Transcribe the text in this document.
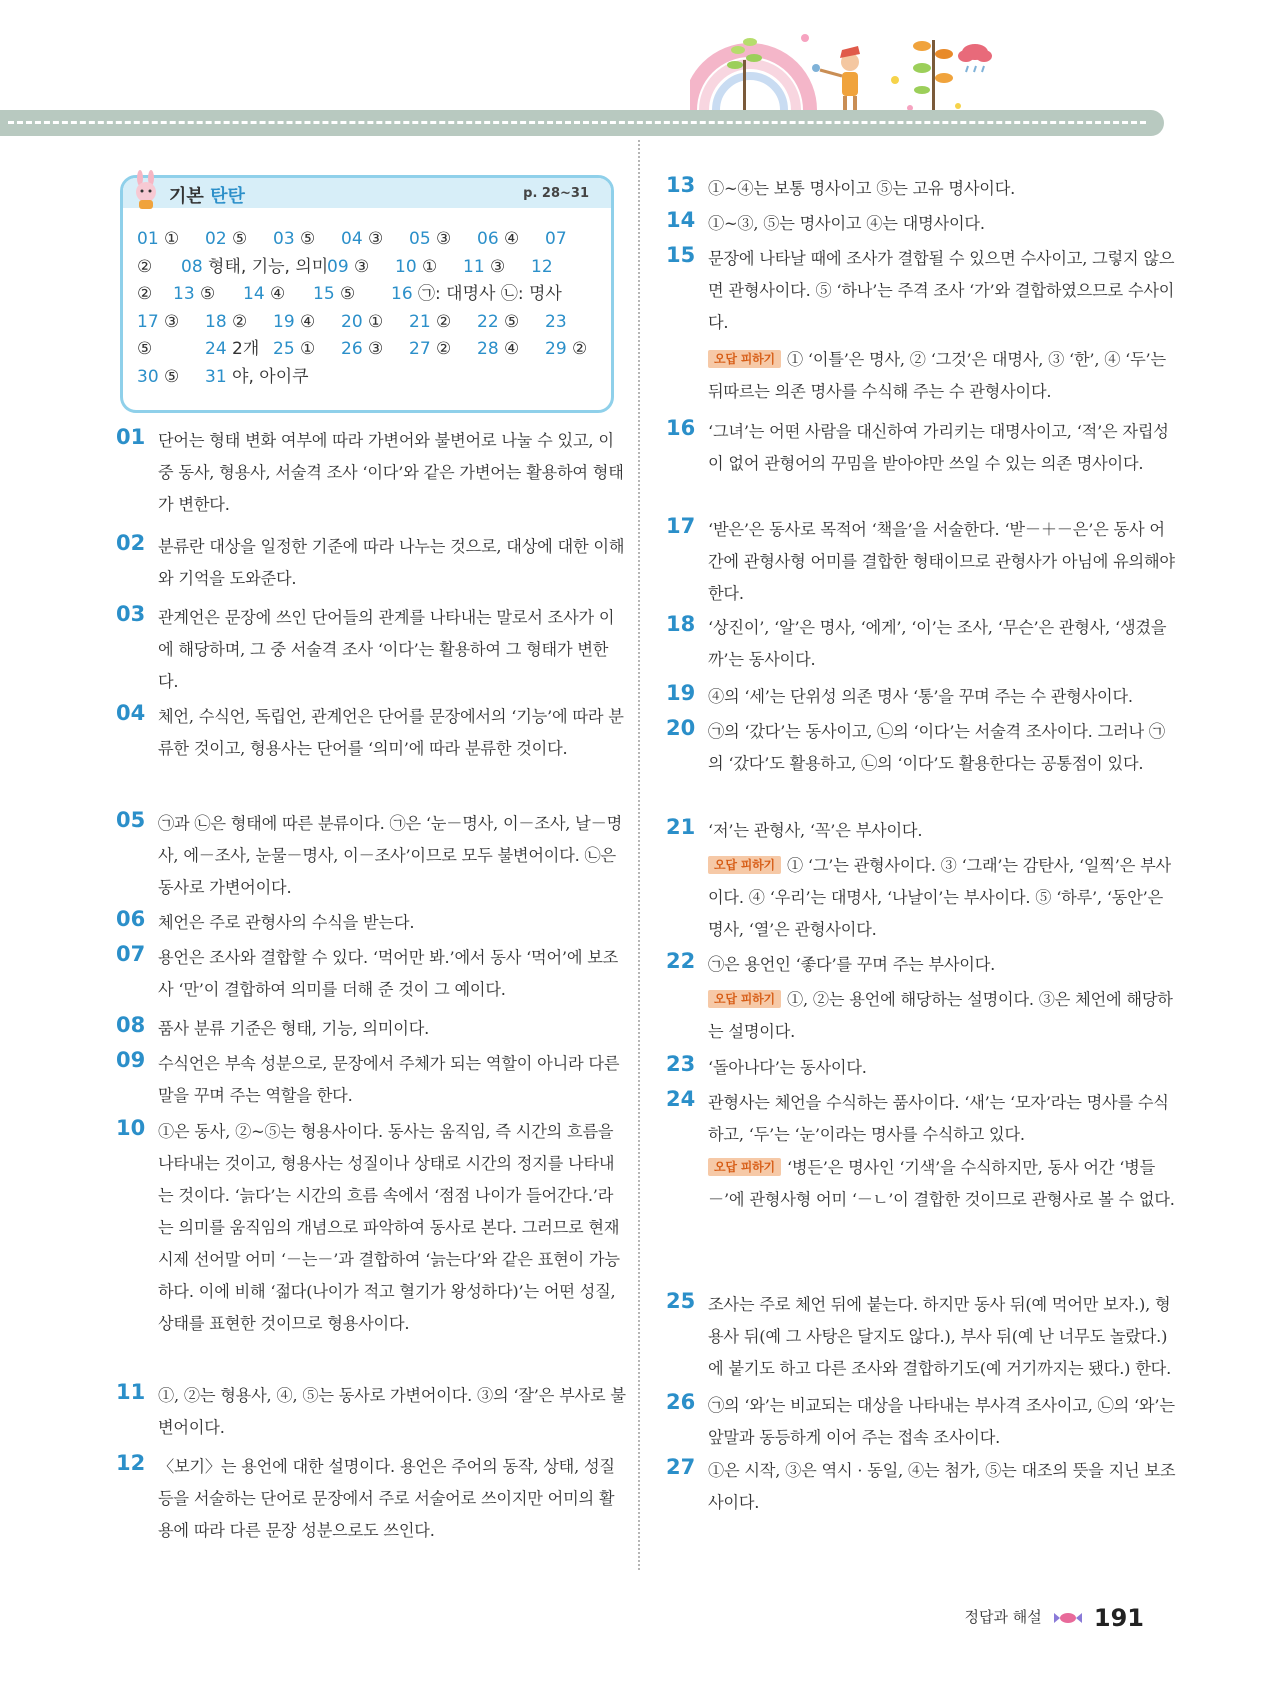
기본 탄탄	p. 28~31
01 ① 02 ⑤ 03 ⑤ 04 ③ 05 ③ 06 ④ 07
② 08 형태, 기능, 의미
09 ③ 10 ① 11 ③ 12
② 13 ⑤ 14 ④ 15 ⑤ 16 ㉠: 대명사 ㉡: 명사
17 ③ 18 ② 19 ④ 20 ① 21 ② 22 ⑤ 23
⑤	24 2개 25 ① 26 ③ 27 ② 28 ④ 29 ②
30 ⑤ 31 야, 아이쿠
01 단어는 형태 변화 여부에 따라 가변어와 불변어로 나눌 수 있고, 이 중 동사, 형용사, 서술격 조사 ‘이다’와 같은 가변어는 활용하여 형태가 변한다.
02 분류란 대상을 일정한 기준에 따라 나누는 것으로, 대상에 대한 이해와 기억을 도와준다.
03 관계언은 문장에 쓰인 단어들의 관계를 나타내는 말로서 조사가 이에 해당하며, 그 중 서술격 조사 ‘이다’는 활용하여 그 형태가 변한다.
04 체언, 수식언, 독립언, 관계언은 단어를 문장에서의 ‘기능’에 따라 분류한 것이고, 형용사는 단어를 ‘의미’에 따라 분류한 것이다.
05 ㉠과 ㉡은 형태에 따른 분류이다. ㉠은 ‘눈－명사, 이－조사, 날－명사, 에－조사, 눈물－명사, 이－조사’이므로 모두 불변어이다. ㉡은 동사로 가변어이다.
06 체언은 주로 관형사의 수식을 받는다.
07 용언은 조사와 결합할 수 있다. ‘먹어만 봐.’에서 동사 ‘먹어’에 보조사 ‘만’이 결합하여 의미를 더해 준 것이 그 예이다.
08 품사 분류 기준은 형태, 기능, 의미이다.
09 수식언은 부속 성분으로, 문장에서 주체가 되는 역할이 아니라 다른 말을 꾸며 주는 역할을 한다.
10 ①은 동사, ②~⑤는 형용사이다. 동사는 움직임, 즉 시간의 흐름을 나타내는 것이고, 형용사는 성질이나 상태로 시간의 정지를 나타내는 것이다. ‘늙다’는 시간의 흐름 속에서 ‘점점 나이가 들어간다.’라는 의미를 움직임의 개념으로 파악하여 동사로 본다. 그러므로 현재 시제 선어말 어미 ‘－는－’과 결합하여 ‘늙는다’와 같은 표현이 가능하다. 이에 비해 ‘젊다(나이가 적고 혈기가 왕성하다)’는 어떤 성질, 상태를 표현한 것이므로 형용사이다.
11 ①, ②는 형용사, ④, ⑤는 동사로 가변어이다. ③의 ‘잘’은 부사로 불변어이다.
12 〈보기〉는 용언에 대한 설명이다. 용언은 주어의 동작, 상태, 성질 등을 서술하는 단어로 문장에서 주로 서술어로 쓰이지만 어미의 활용에 따라 다른 문장 성분으로도 쓰인다.
13 ①~④는 보통 명사이고 ⑤는 고유 명사이다.
14 ①~③, ⑤는 명사이고 ④는 대명사이다.
15 문장에 나타날 때에 조사가 결합될 수 있으면 수사이고, 그렇지 않으면 관형사이다. ⑤ ‘하나’는 주격 조사 ‘가’와 결합하였으므로 수사이다.
오답 피하기 ① ‘이틀’은 명사, ② ‘그것’은 대명사, ③ ‘한’, ④ ‘두’는 뒤따르는 의존 명사를 수식해 주는 수 관형사이다.
16 ‘그녀’는 어떤 사람을 대신하여 가리키는 대명사이고, ‘적’은 자립성이 없어 관형어의 꾸밈을 받아야만 쓰일 수 있는 의존 명사이다.
17 ‘받은’은 동사로 목적어 ‘책을’을 서술한다. ‘받－＋－은’은 동사 어간에 관형사형 어미를 결합한 형태이므로 관형사가 아님에 유의해야 한다.
18 ‘상진이’, ‘알’은 명사, ‘에게’, ‘이’는 조사, ‘무슨’은 관형사, ‘생겼을까’는 동사이다.
19 ④의 ‘세’는 단위성 의존 명사 ‘통’을 꾸며 주는 수 관형사이다.
20 ㉠의 ‘갔다’는 동사이고, ㉡의 ‘이다’는 서술격 조사이다. 그러나 ㉠의 ‘갔다’도 활용하고, ㉡의 ‘이다’도 활용한다는 공통점이 있다.
21 ‘저’는 관형사, ‘꼭’은 부사이다.
오답 피하기 ① ‘그’는 관형사이다. ③ ‘그래’는 감탄사, ‘일찍’은 부사이다. ④ ‘우리’는 대명사, ‘나날이’는 부사이다. ⑤ ‘하루’, ‘동안’은 명사, ‘열’은 관형사이다.
22 ㉠은 용언인 ‘좋다’를 꾸며 주는 부사이다.
오답 피하기 ①, ②는 용언에 해당하는 설명이다. ③은 체언에 해당하는 설명이다.
23 ‘돌아나다’는 동사이다.
24 관형사는 체언을 수식하는 품사이다. ‘새’는 ‘모자’라는 명사를 수식하고, ‘두’는 ‘눈’이라는 명사를 수식하고 있다.
오답 피하기 ‘병든’은 명사인 ‘기색’을 수식하지만, 동사 어간 ‘병들－’에 관형사형 어미 ‘－ㄴ’이 결합한 것이므로 관형사로 볼 수 없다.
25 조사는 주로 체언 뒤에 붙는다. 하지만 동사 뒤(예 먹어만 보자.), 형용사 뒤(예 그 사탕은 달지도 않다.), 부사 뒤(예 난 너무도 놀랐다.)에 붙기도 하고 다른 조사와 결합하기도(예 거기까지는 됐다.) 한다.
26 ㉠의 ‘와’는 비교되는 대상을 나타내는 부사격 조사이고, ㉡의 ‘와’는 앞말과 동등하게 이어 주는 접속 조사이다.
27 ①은 시작, ③은 역시 · 동일, ④는 첨가, ⑤는 대조의 뜻을 지닌 보조사이다.
정답과 해설 191
